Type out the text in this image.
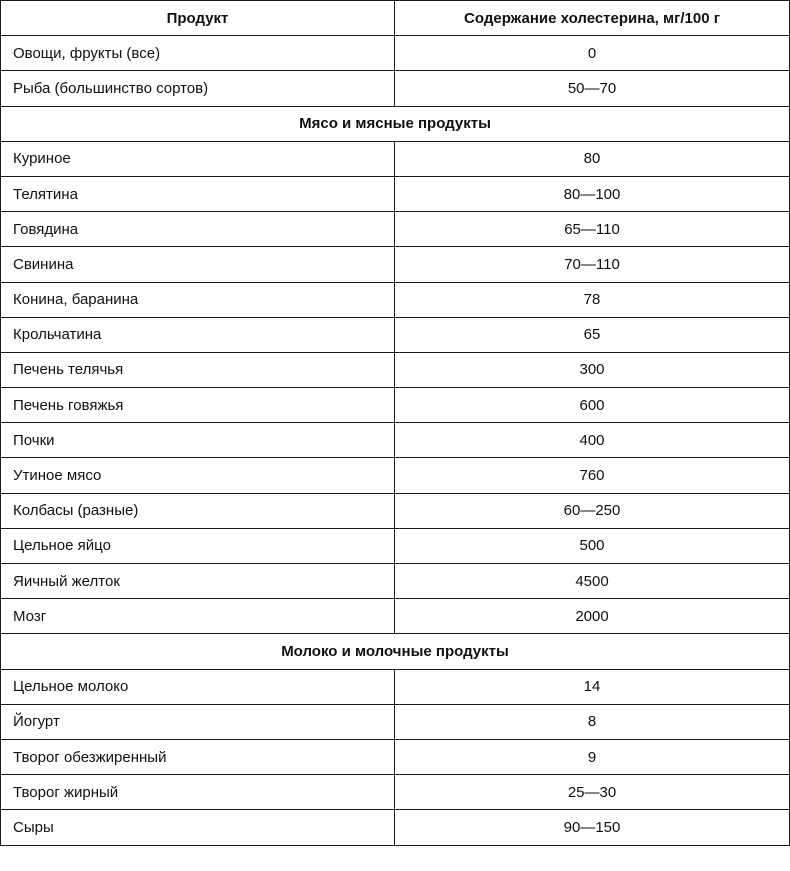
Продукт	Содержание холестерина, мг/100 г
Овощи, фрукты (все)	0
Рыба (большинство сортов)	50—70
Мясо и мясные продукты	
Куриное	80
Телятина	80—100
Говядина	65—110
Свинина	70—110
Конина, баранина	78
Крольчатина	65
Печень телячья	300
Печень говяжья	600
Почки	400
Утиное мясо	760
Колбасы (разные)	60—250
Цельное яйцо	500
Яичный желток	4500
Мозг	2000
Молоко и молочные продукты	
Цельное молоко	14
Йогурт	8
Творог обезжиренный	9
Творог жирный	25—30
Сыры	90—150
